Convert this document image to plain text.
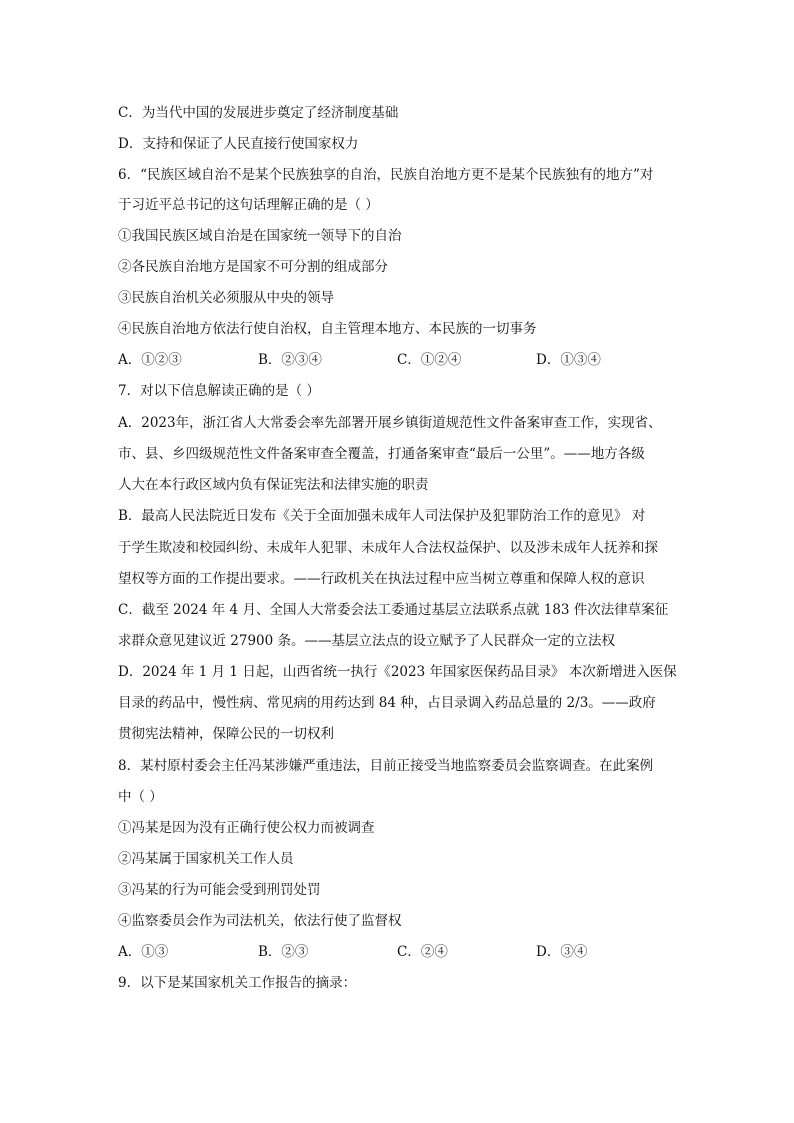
C．为当代中国的发展进步奠定了经济制度基础
D．支持和保证了人民直接行使国家权力
6．“民族区域自治不是某个民族独享的自治，民族自治地方更不是某个民族独有的地方”对
于习近平总书记的这句话理解正确的是（ ）
①我国民族区域自治是在国家统一领导下的自治
②各民族自治地方是国家不可分割的组成部分
③民族自治机关必须服从中央的领导
④民族自治地方依法行使自治权，自主管理本地方、本民族的一切事务
A．①②③	B．②③④	C．①②④	D．①③④
7．对以下信息解读正确的是（ ）
A．2023年，浙江省人大常委会率先部署开展乡镇街道规范性文件备案审查工作，实现省、
市、县、乡四级规范性文件备案审查全覆盖，打通备案审查“最后一公里”。——地方各级
人大在本行政区域内负有保证宪法和法律实施的职责
B．最高人民法院近日发布《关于全面加强未成年人司法保护及犯罪防治工作的意见》 对
于学生欺凌和校园纠纷、未成年人犯罪、未成年人合法权益保护、以及涉未成年人抚养和探
望权等方面的工作提出要求。——行政机关在执法过程中应当树立尊重和保障人权的意识
C．截至 2024 年 4 月、全国人大常委会法工委通过基层立法联系点就 183 件次法律草案征
求群众意见建议近 27900 条。——基层立法点的设立赋予了人民群众一定的立法权
D．2024 年 1 月 1 日起，山西省统一执行《2023 年国家医保药品目录》 本次新增进入医保
目录的药品中，慢性病、常见病的用药达到 84 种，占目录调入药品总量的 2/3。——政府
贯彻宪法精神，保障公民的一切权利
8．某村原村委会主任冯某涉嫌严重违法，目前正接受当地监察委员会监察调查。在此案例
中（ ）
①冯某是因为没有正确行使公权力而被调查
②冯某属于国家机关工作人员
③冯某的行为可能会受到刑罚处罚
④监察委员会作为司法机关，依法行使了监督权
A．①③	B．②③	C．②④	D．③④
9．以下是某国家机关工作报告的摘录：
